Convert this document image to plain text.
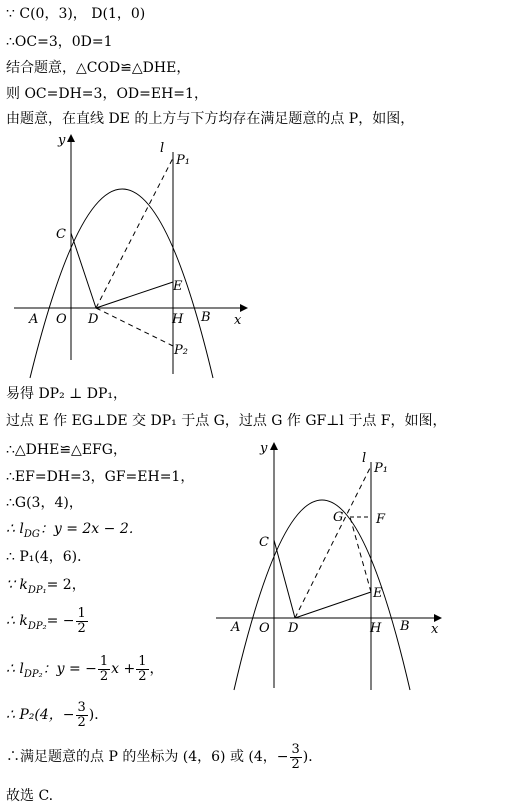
∵ C(0，3)， D(1，0)
∴OC=3，0D=1
结合题意，△COD≌△DHE，
则 OC=DH=3，OD=EH=1，
由题意，在直线 DE 的上方与下方均存在满足题意的点 P，如图，
y
l
P₁
C
E
A O D	H B x
P₂
易得 DP₂ ⊥ DP₁，
过点 E 作 EG⊥DE 交 DP₁ 于点 G，过点 G 作 GF⊥l 于点 F，如图，
∴△DHE≌△EFG，
∴EF=DH=3，GF=EH=1，
∴G(3，4)，
∴ $l_{DG}$：y = 2x − 2．
∴ P₁(4，6)．
∵ $k_{DP_1}= 2$，
∴ $k_{DP_2}= - \frac{1}{2}$
∴ $l_{DP_2}$：y = − $\frac{1}{2}$ $x + \frac{1}{2}$ ，
∴ P₂(4，− $\frac{3}{2}$ )．
∴满足题意的点 P 的坐标为 (4，6) 或 (4，− $\frac{3}{2}$ )．
故选 C.
y
l
P₁
G	F
C
E
A O D	H B x
